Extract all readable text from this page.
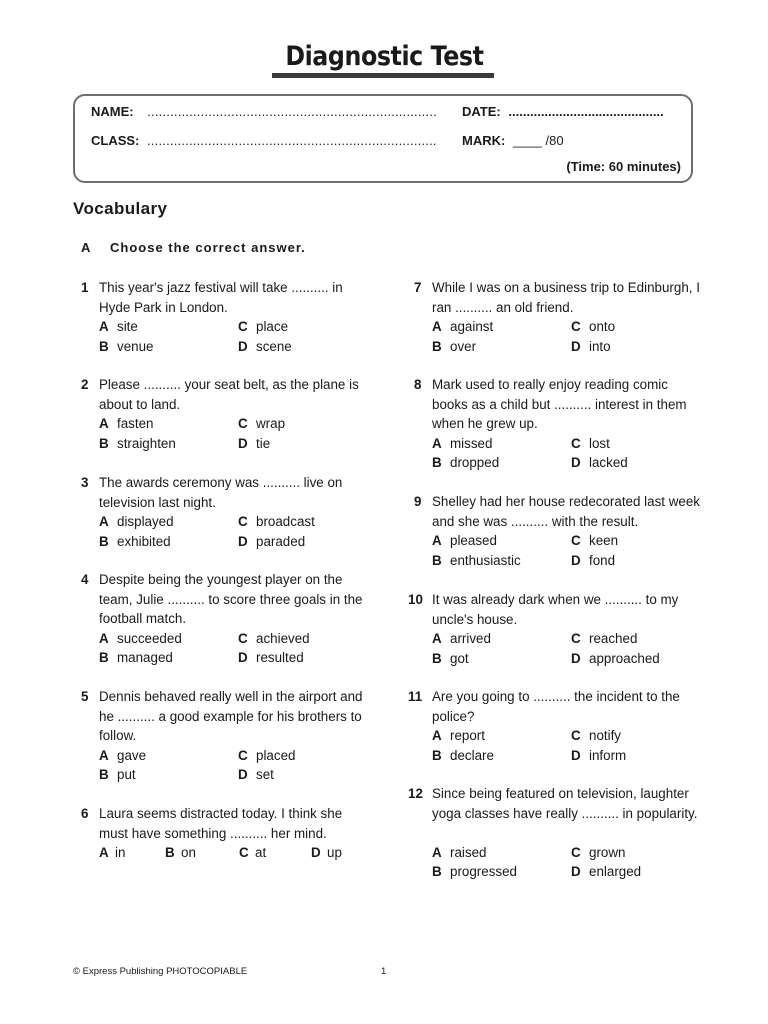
Diagnostic Test
NAME: ............................................................................ DATE: ...........................................
CLASS: ............................................................................ MARK: ____ /80
(Time: 60 minutes)
Vocabulary
A Choose the correct answer.
1 This year's jazz festival will take .......... in Hyde Park in London.
A site
B venue
C place
D scene
2 Please .......... your seat belt, as the plane is about to land.
A fasten
B straighten
C wrap
D tie
3 The awards ceremony was .......... live on television last night.
A displayed
B exhibited
C broadcast
D paraded
4 Despite being the youngest player on the team, Julie .......... to score three goals in the football match.
A succeeded
B managed
C achieved
D resulted
5 Dennis behaved really well in the airport and he .......... a good example for his brothers to follow.
A gave
B put
C placed
D set
6 Laura seems distracted today. I think she must have something .......... her mind.
A in	B on	C at	D up
7 While I was on a business trip to Edinburgh, I ran .......... an old friend.
A against
B over
C onto
D into
8 Mark used to really enjoy reading comic books as a child but .......... interest in them when he grew up.
A missed
B dropped
C lost
D lacked
9 Shelley had her house redecorated last week and she was .......... with the result.
A pleased
B enthusiastic
C keen
D fond
10 It was already dark when we .......... to my uncle's house.
A arrived
B got
C reached
D approached
11 Are you going to .......... the incident to the police?
A report
B declare
C notify
D inform
12 Since being featured on television, laughter yoga classes have really .......... in popularity.
A raised
B progressed
C grown
D enlarged
© Express Publishing PHOTOCOPIABLE	1
